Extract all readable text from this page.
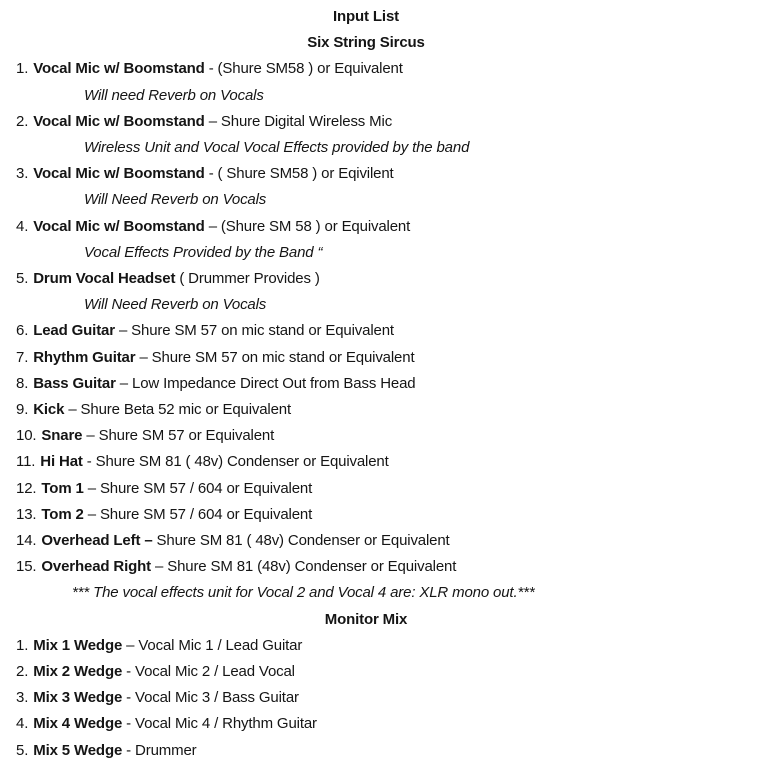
Input List
Six String Sircus
1. Vocal Mic w/ Boomstand - (Shure SM58 ) or Equivalent
Will need Reverb on Vocals
2. Vocal Mic w/ Boomstand – Shure Digital Wireless Mic
Wireless Unit and Vocal Vocal Effects provided by the band
3. Vocal Mic w/ Boomstand - ( Shure SM58 ) or Eqivilent
Will Need Reverb on Vocals
4. Vocal Mic w/ Boomstand – (Shure SM 58 ) or Equivalent
Vocal Effects Provided by the Band “
5. Drum Vocal Headset ( Drummer Provides )
Will Need Reverb on Vocals
6. Lead Guitar – Shure SM 57 on mic stand or Equivalent
7. Rhythm Guitar – Shure SM 57 on mic stand or Equivalent
8. Bass Guitar – Low Impedance Direct Out from Bass Head
9. Kick – Shure Beta 52 mic or Equivalent
10. Snare – Shure SM 57 or Equivalent
11. Hi Hat - Shure SM 81 ( 48v) Condenser or Equivalent
12. Tom 1 – Shure SM 57 / 604 or Equivalent
13. Tom 2 – Shure SM 57 / 604 or Equivalent
14. Overhead Left – Shure SM 81 ( 48v) Condenser or Equivalent
15. Overhead Right – Shure SM 81 (48v) Condenser or Equivalent
*** The vocal effects unit for Vocal 2 and Vocal 4 are: XLR mono out.***
Monitor Mix
1. Mix 1 Wedge – Vocal Mic 1 / Lead Guitar
2. Mix 2 Wedge - Vocal Mic 2 / Lead Vocal
3. Mix 3 Wedge - Vocal Mic 3 / Bass Guitar
4. Mix 4 Wedge - Vocal Mic 4 / Rhythm Guitar
5. Mix 5 Wedge - Drummer
